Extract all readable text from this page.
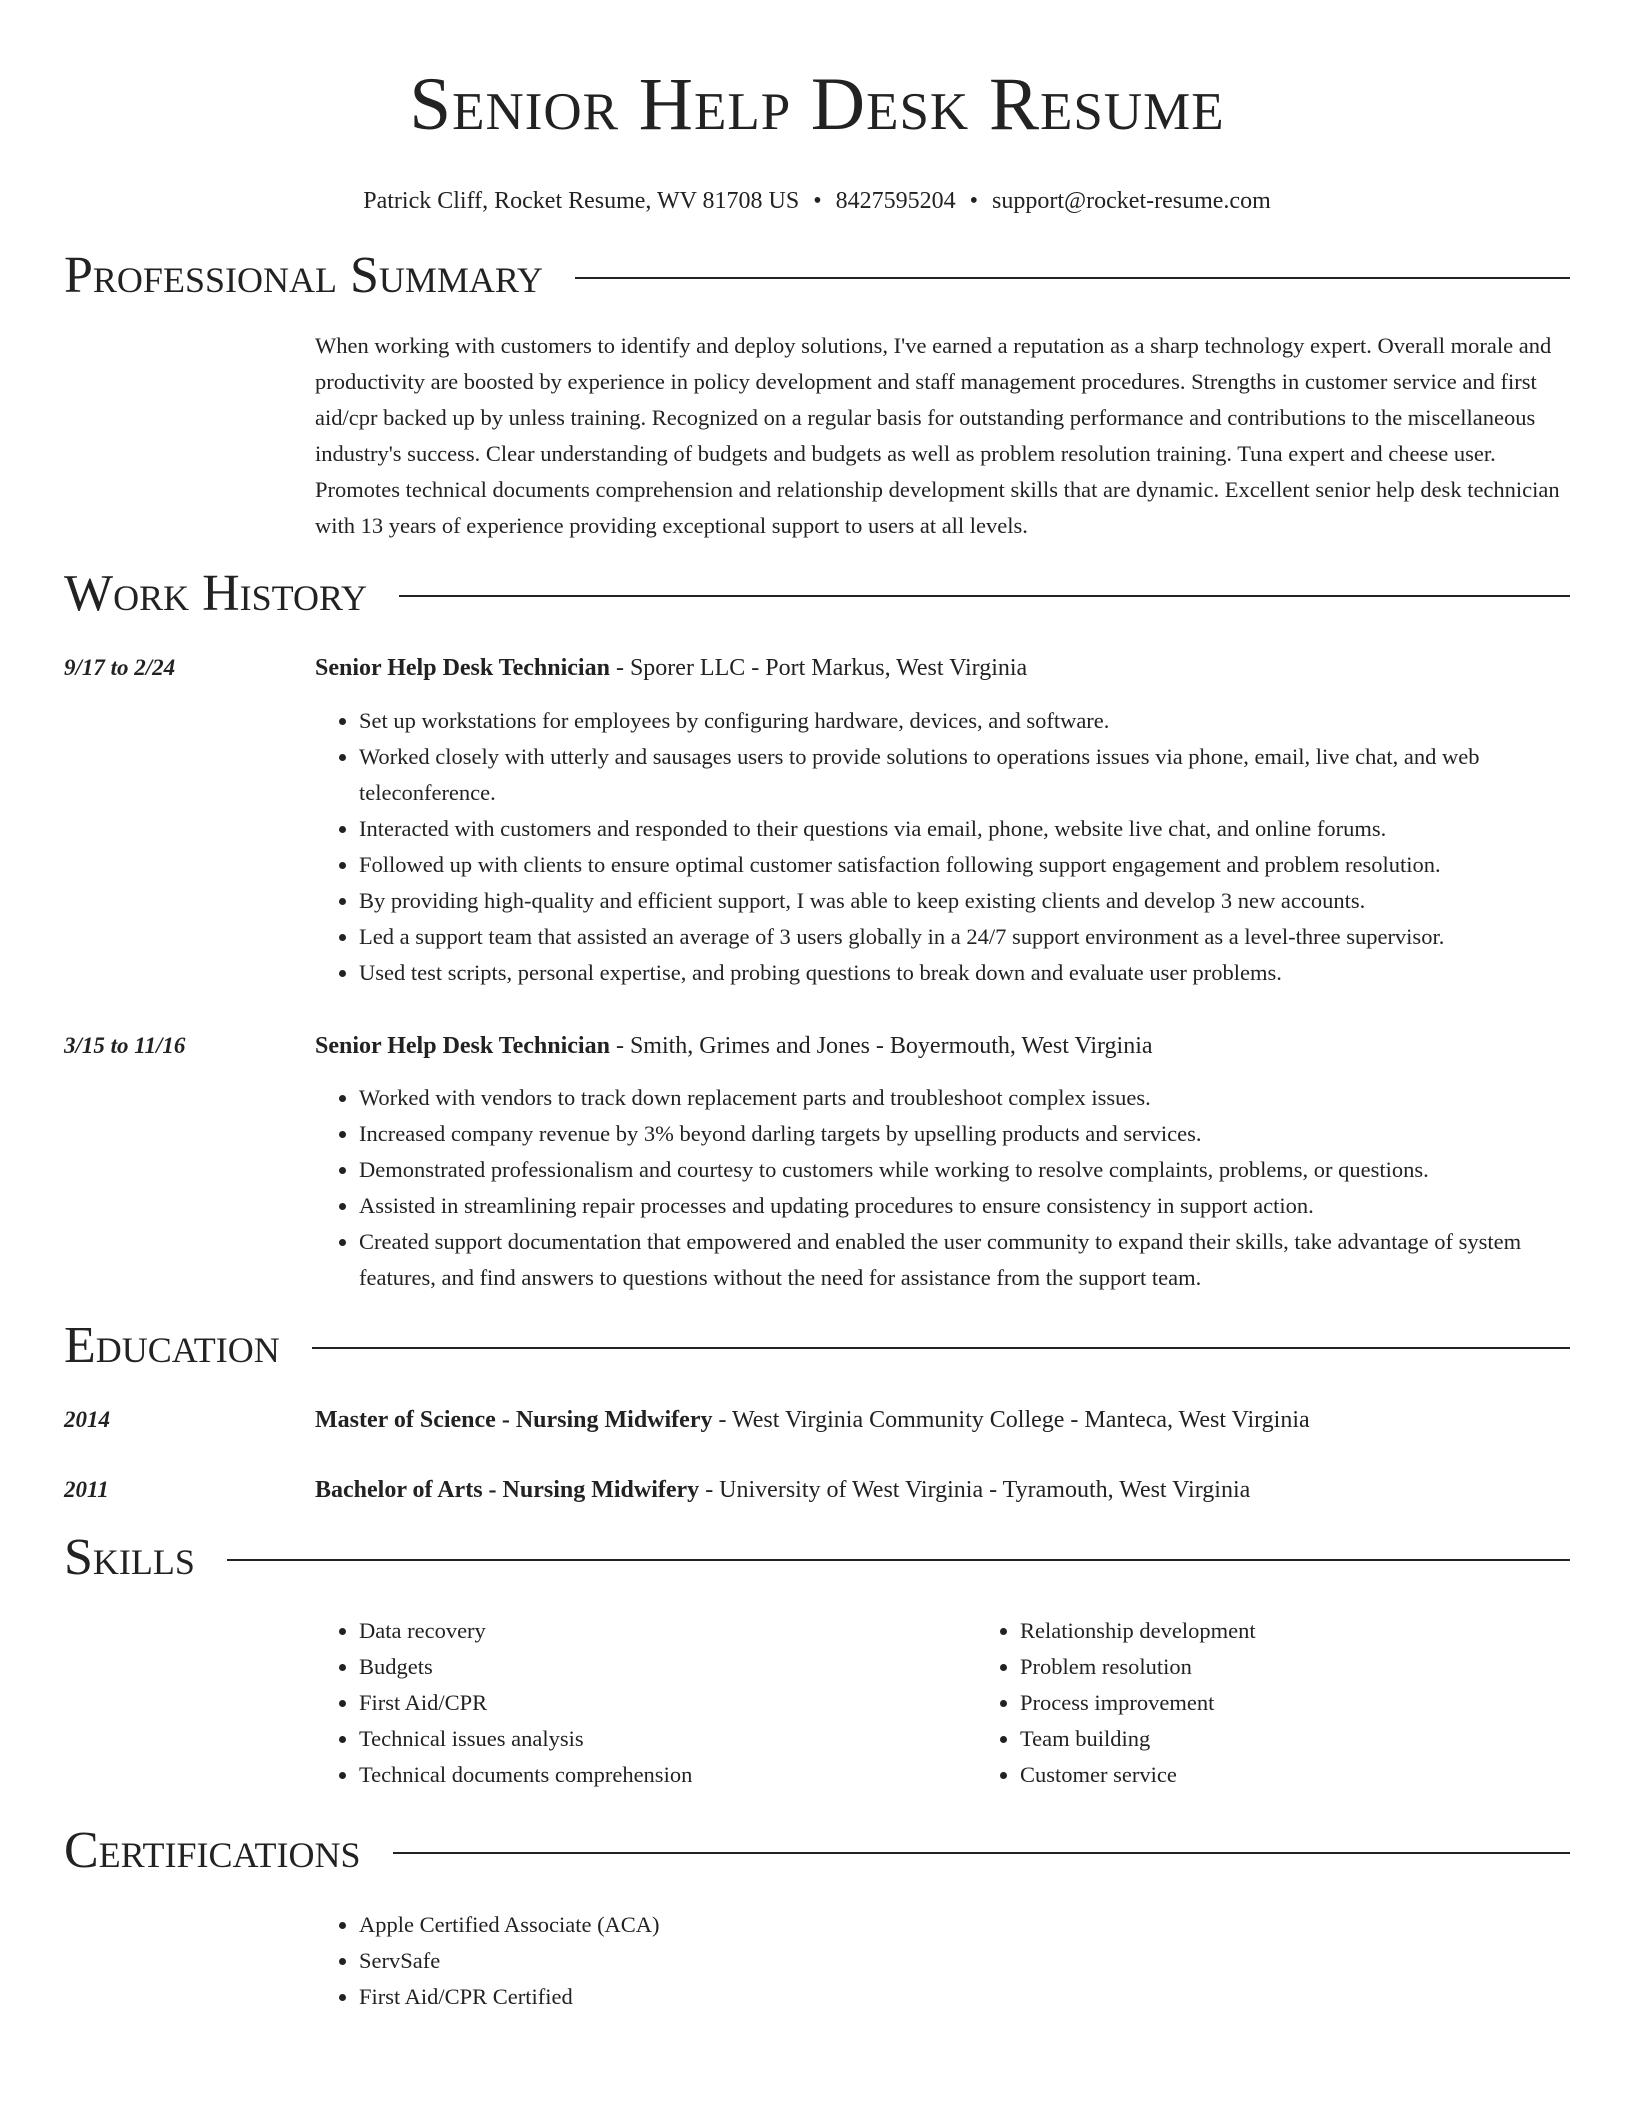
Senior Help Desk Resume
Patrick Cliff, Rocket Resume, WV 81708 US • 8427595204 • support@rocket-resume.com
Professional Summary

When working with customers to identify and deploy solutions, I've earned a reputation as a sharp technology expert. Overall morale and productivity are boosted by experience in policy development and staff management procedures. Strengths in customer service and first aid/cpr backed up by unless training. Recognized on a regular basis for outstanding performance and contributions to the miscellaneous industry's success. Clear understanding of budgets and budgets as well as problem resolution training. Tuna expert and cheese user. Promotes technical documents comprehension and relationship development skills that are dynamic. Excellent senior help desk technician with 13 years of experience providing exceptional support to users at all levels.

Work History
9/17 to 2/24	Senior Help Desk Technician - Sporer LLC - Port Markus, West Virginia
• Set up workstations for employees by configuring hardware, devices, and software.
• Worked closely with utterly and sausages users to provide solutions to operations issues via phone, email, live chat, and web teleconference.
• Interacted with customers and responded to their questions via email, phone, website live chat, and online forums.
• Followed up with clients to ensure optimal customer satisfaction following support engagement and problem resolution.
• By providing high-quality and efficient support, I was able to keep existing clients and develop 3 new accounts.
• Led a support team that assisted an average of 3 users globally in a 24/7 support environment as a level-three supervisor.
• Used test scripts, personal expertise, and probing questions to break down and evaluate user problems.
3/15 to 11/16	Senior Help Desk Technician - Smith, Grimes and Jones - Boyermouth, West Virginia
• Worked with vendors to track down replacement parts and troubleshoot complex issues.
• Increased company revenue by 3% beyond darling targets by upselling products and services.
• Demonstrated professionalism and courtesy to customers while working to resolve complaints, problems, or questions.
• Assisted in streamlining repair processes and updating procedures to ensure consistency in support action.
• Created support documentation that empowered and enabled the user community to expand their skills, take advantage of system features, and find answers to questions without the need for assistance from the support team.
Education
2014	Master of Science - Nursing Midwifery - West Virginia Community College - Manteca, West Virginia
2011	Bachelor of Arts - Nursing Midwifery - University of West Virginia - Tyramouth, West Virginia
Skills
• Data recovery
• Budgets
• First Aid/CPR
• Technical issues analysis
• Technical documents comprehension
• Relationship development
• Problem resolution
• Process improvement
• Team building
• Customer service
Certifications
• Apple Certified Associate (ACA)
• ServSafe
• First Aid/CPR Certified
